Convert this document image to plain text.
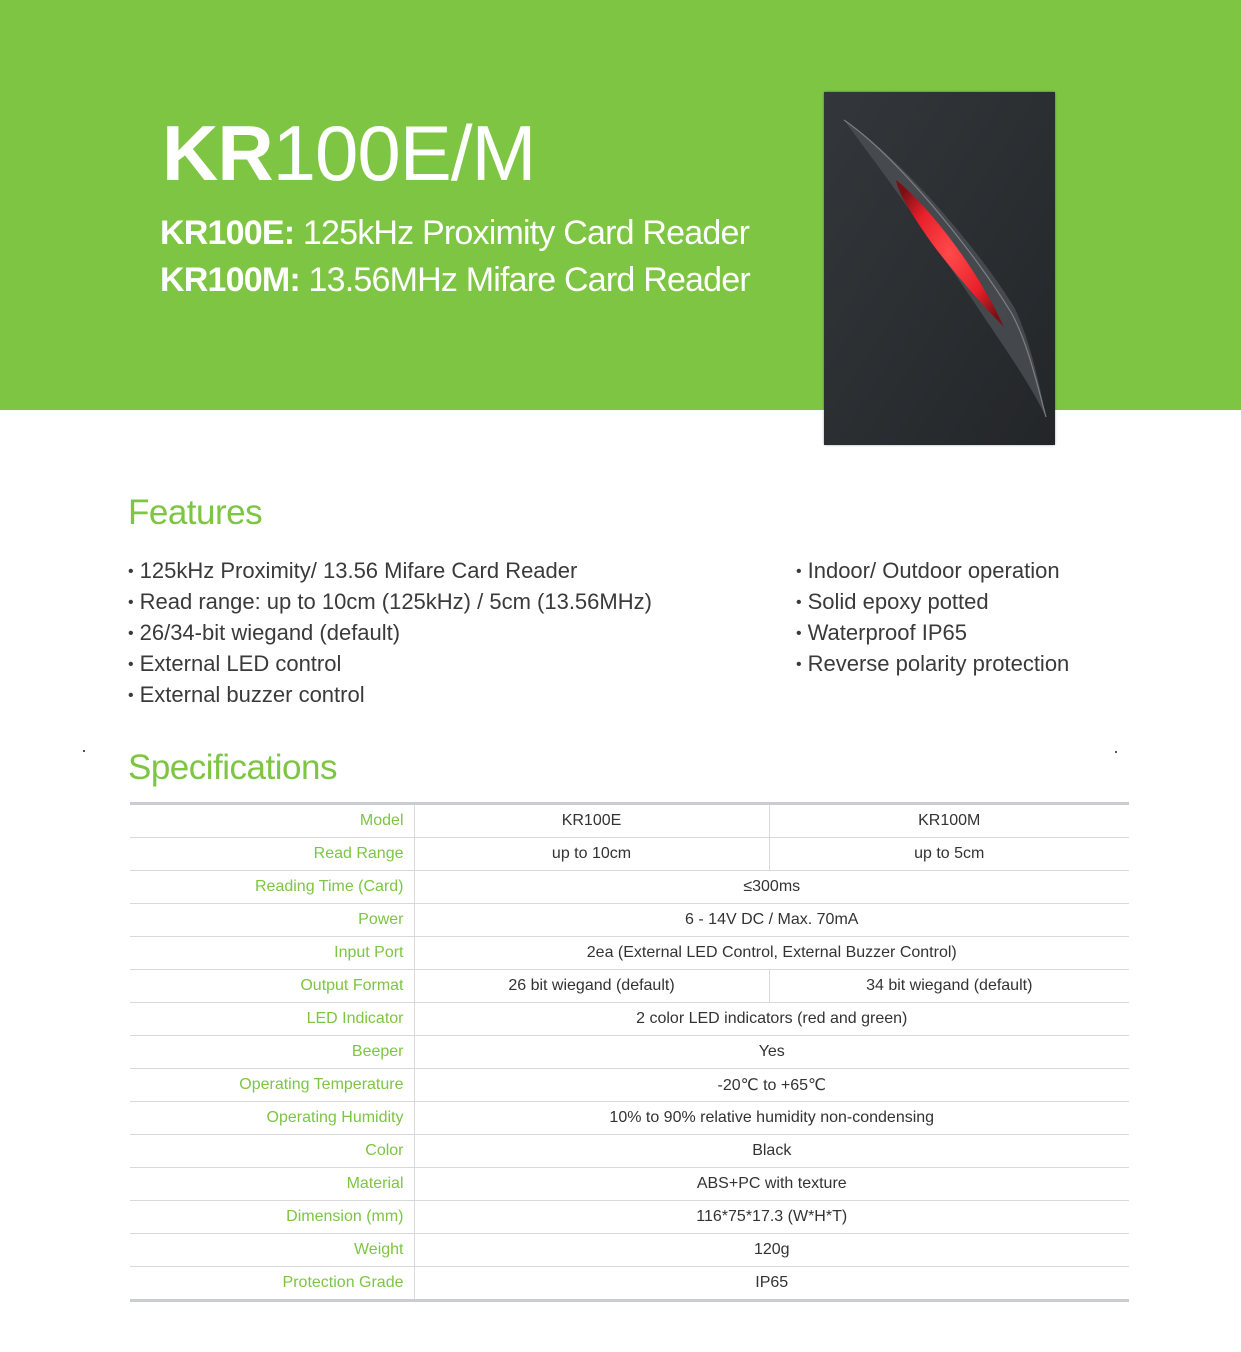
KR100E/M

KR100E: 125kHz Proximity Card Reader

KR100M: 13.56MHz Mifare Card Reader

Features
• 125kHz Proximity/ 13.56 Mifare Card Reader
• Read range: up to 10cm (125kHz) / 5cm (13.56MHz)
• 26/34-bit wiegand (default)
• External LED control
• External buzzer control
• Indoor/ Outdoor operation
• Solid epoxy potted
• Waterproof IP65
• Reverse polarity protection
Specifications
Model	KR100E	KR100M
Read Range	up to 10cm	up to 5cm
Reading Time (Card)	≤300ms	
Power	6 - 14V DC / Max. 70mA	
Input Port	2ea (External LED Control, External Buzzer Control)	
Output Format	26 bit wiegand (default)	34 bit wiegand (default)
LED Indicator	2 color LED indicators (red and green)	
Beeper	Yes	
Operating Temperature	-20℃ to +65℃	
Operating Humidity	10% to 90% relative humidity non-condensing	
Color	Black	
Material	ABS+PC with texture	
Dimension (mm)	116*75*17.3 (W*H*T)	
Weight	120g	
Protection Grade	IP65	
